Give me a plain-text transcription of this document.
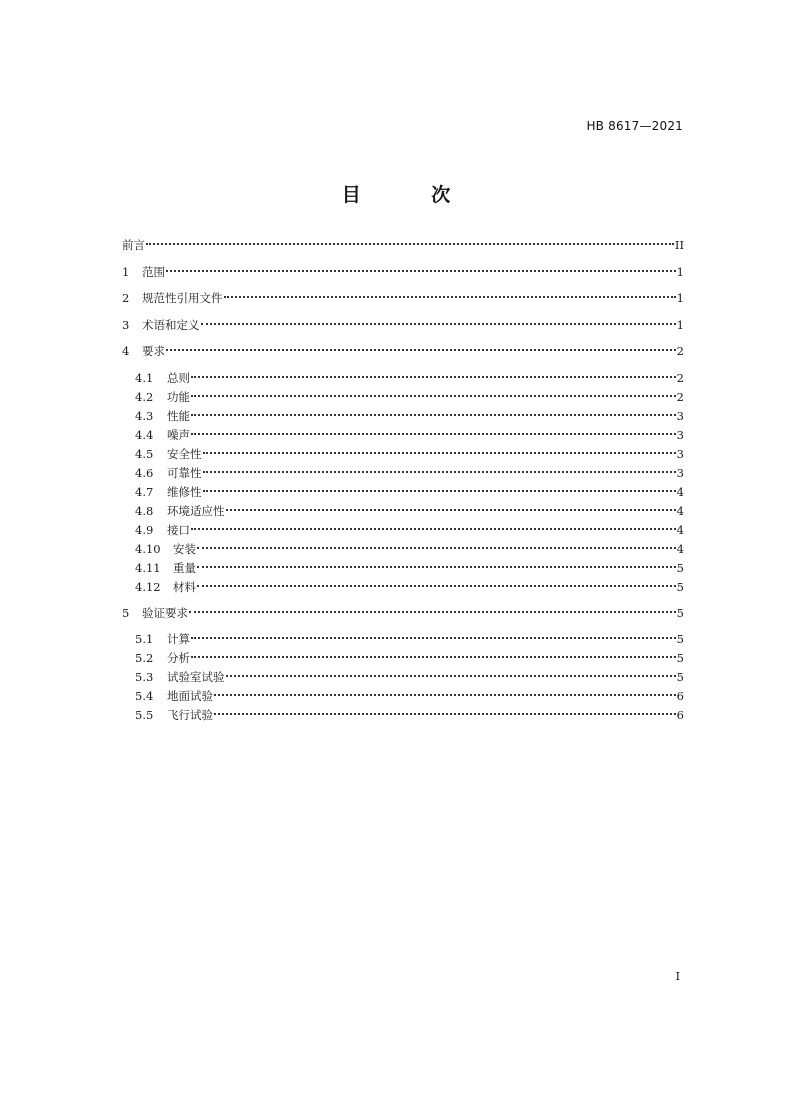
HB 8617—2021
目 次
前言	II
1	范围	1
2	规范性引用文件	1
3	术语和定义	1
4	要求	2
4.1	总则	2
4.2	功能	2
4.3	性能	3
4.4	噪声	3
4.5	安全性	3
4.6	可靠性	3
4.7	维修性	4
4.8	环境适应性	4
4.9	接口	4
4.10	安装	4
4.11	重量	5
4.12	材料	5
5	验证要求	5
5.1	计算	5
5.2	分析	5
5.3	试验室试验	5
5.4	地面试验	6
5.5	飞行试验	6
I
